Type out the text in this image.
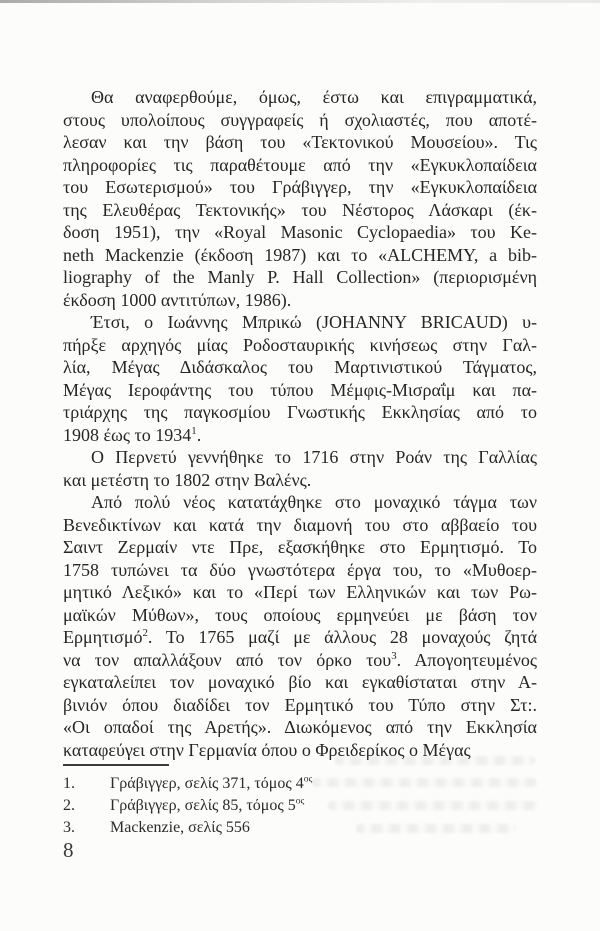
Θα αναφερθούμε, όμως, έστω και επιγραμματικά,
στους υπολοίπους συγγραφείς ή σχολιαστές, που αποτέ-
λεσαν και την βάση του «Τεκτονικού Μουσείου». Τις
πληροφορίες τις παραθέτουμε από την «Εγκυκλοπαίδεια
του Εσωτερισμού» του Γράβιγγερ, την «Εγκυκλοπαίδεια
της Ελευθέρας Τεκτονικής» του Νέστορος Λάσκαρι (έκ-
δοση 1951), την «Royal Masonic Cyclopaedia» του Ke-
neth Mackenzie (έκδοση 1987) και το «ALCHEMY, a bib-
liography of the Manly P. Hall Collection» (περιορισμένη
έκδοση 1000 αντιτύπων, 1986).
Έτσι, ο Ιωάννης Μπρικώ (JOHANNY BRICAUD) υ-
πήρξε αρχηγός μίας Ροδοσταυρικής κινήσεως στην Γαλ-
λία, Μέγας Διδάσκαλος του Μαρτινιστικού Τάγματος,
Μέγας Ιεροφάντης του τύπου Μέμφις-Μισραΐμ και πα-
τριάρχης της παγκοσμίου Γνωστικής Εκκλησίας από το
1908 έως το 1934$^1$.
Ο Περνετύ γεννήθηκε το 1716 στην Ροάν της Γαλλίας
και μετέστη το 1802 στην Βαλένς.
Από πολύ νέος κατατάχθηκε στο μοναχικό τάγμα των
Βενεδικτίνων και κατά την διαμονή του στο αββαείο του
Σαιντ Ζερμαίν ντε Πρε, εξασκήθηκε στο Ερμητισμό. Το
1758 τυπώνει τα δύο γνωστότερα έργα του, το «Μυθοερ-
μητικό Λεξικό» και το «Περί των Ελληνικών και των Ρω-
μαϊκών Μύθων», τους οποίους ερμηνεύει με βάση τον
Ερμητισμό$^2$. Το 1765 μαζί με άλλους 28 μοναχούς ζητά
να τον απαλλάξουν από τον όρκο του$^3$. Απογοητευμένος
εγκαταλείπει τον μοναχικό βίο και εγκαθίσταται στην Α-
βινιόν όπου διαδίδει τον Ερμητικό του Τύπο στην Στ:.
«Οι οπαδοί της Αρετής». Διωκόμενος από την Εκκλησία
καταφεύγει στην Γερμανία όπου ο Φρειδερίκος ο Μέγας
1.	Γράβιγγερ, σελίς 371, τόμος $4^{o\varsigma}$
2.	Γράβιγγερ, σελίς 85, τόμος $5^{o\varsigma}$
3.	Mackenzie, σελίς 556
8
